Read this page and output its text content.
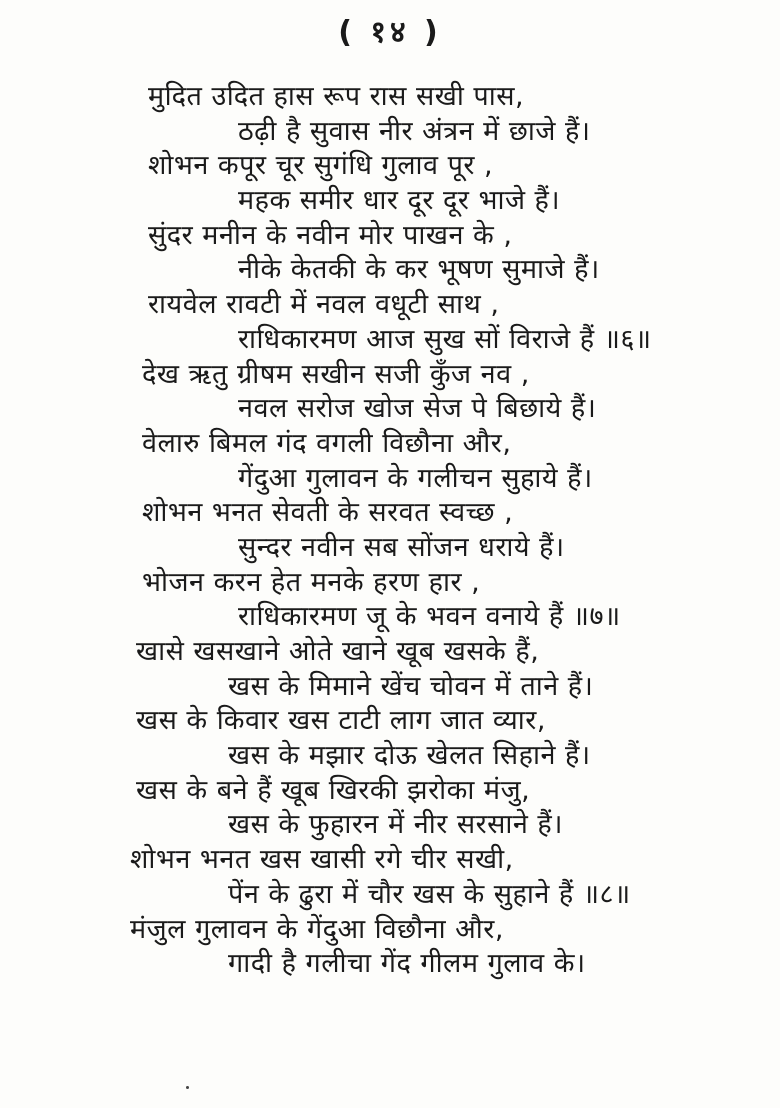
( १४ )
मुदित उदित हास रूप रास सखी पास,
ठढ़ी है सुवास नीर अंत्रन में छाजे हैं।
शोभन कपूर चूर सुगंधि गुलाव पूर ,
महक समीर धार दूर दूर भाजे हैं।
सुंदर मनीन के नवीन मोर पाखन के ,
नीके केतकी के कर भूषण सुमाजे हैं।
रायवेल रावटी में नवल वधूटी साथ ,
राधिकारमण आज सुख सों विराजे हैं ॥६॥
देख ऋतु ग्रीषम सखीन सजी कुँज नव ,
नवल सरोज खोज सेज पे बिछाये हैं।
वेलारु बिमल गंद वगली विछौना और,
गेंदुआ गुलावन के गलीचन सुहाये हैं।
शोभन भनत सेवती के सरवत स्वच्छ ,
सुन्दर नवीन सब सोंजन धराये हैं।
भोजन करन हेत मनके हरण हार ,
राधिकारमण जू के भवन वनाये हैं ॥७॥
खासे खसखाने ओते खाने खूब खसके हैं,
खस के मिमाने खेंच चोवन में ताने हैं।
खस के किवार खस टाटी लाग जात व्यार,
खस के मझार दोऊ खेलत सिहाने हैं।
खस के बने हैं खूब खिरकी झरोका मंजु,
खस के फुहारन में नीर सरसाने हैं।
शोभन भनत खस खासी रगे चीर सखी,
पेंन के ढुरा में चौर खस के सुहाने हैं ॥८॥
मंजुल गुलावन के गेंदुआ विछौना और,
गादी है गलीचा गेंद गीलम गुलाव के।
